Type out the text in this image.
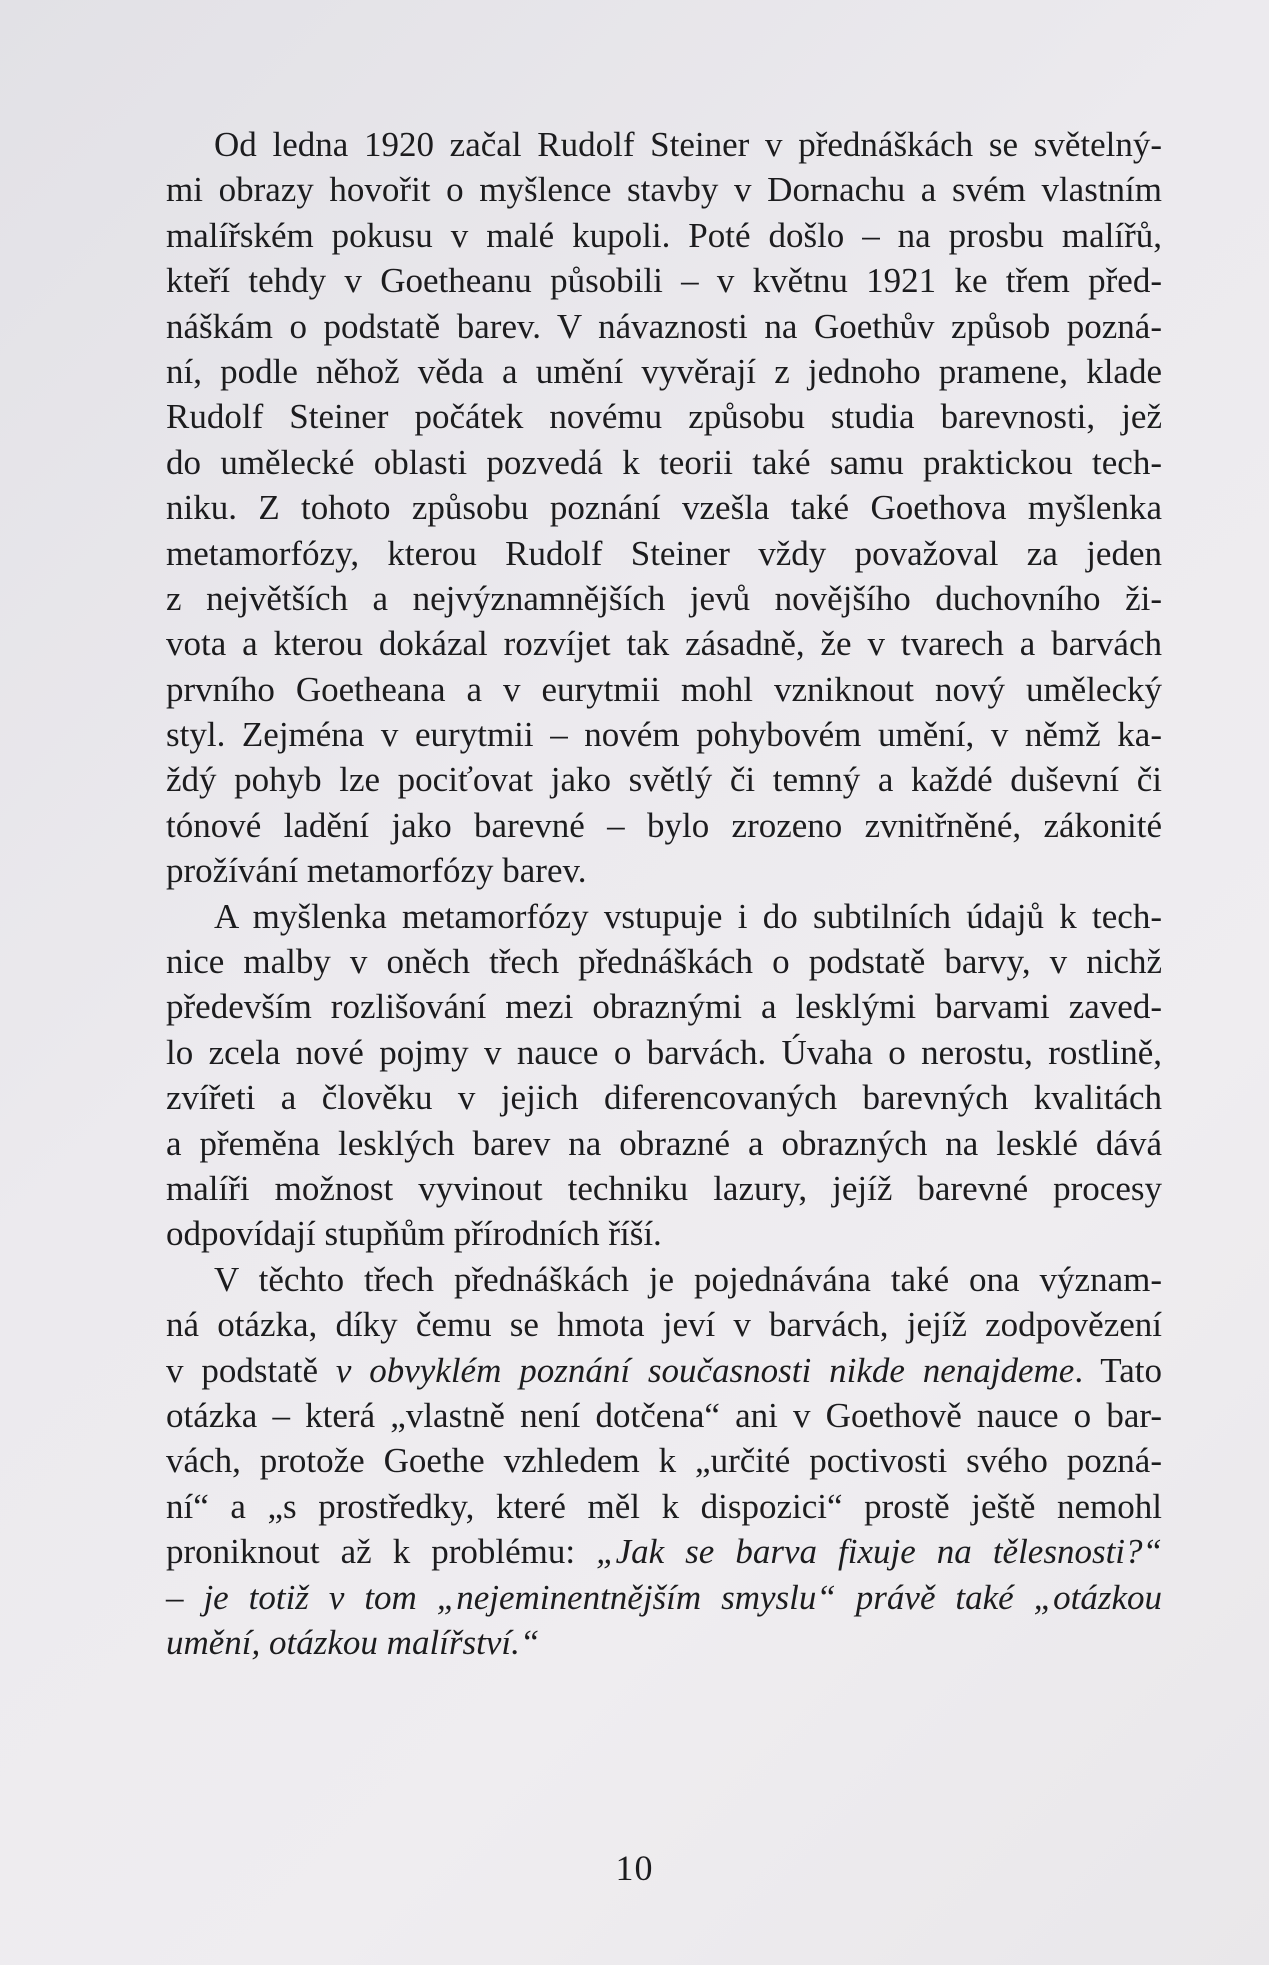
Od ledna 1920 začal Rudolf Steiner v přednáškách se světelný-
mi obrazy hovořit o myšlence stavby v Dornachu a svém vlastním
malířském pokusu v malé kupoli. Poté došlo – na prosbu malířů,
kteří tehdy v Goetheanu působili – v květnu 1921 ke třem před-
náškám o podstatě barev. V návaznosti na Goethův způsob pozná-
ní, podle něhož věda a umění vyvěrají z jednoho pramene, klade
Rudolf Steiner počátek novému způsobu studia barevnosti, jež
do umělecké oblasti pozvedá k teorii také samu praktickou tech-
niku. Z tohoto způsobu poznání vzešla také Goethova myšlenka
metamorfózy, kterou Rudolf Steiner vždy považoval za jeden
z největších a nejvýznamnějších jevů novějšího duchovního ži-
vota a kterou dokázal rozvíjet tak zásadně, že v tvarech a barvách
prvního Goetheana a v eurytmii mohl vzniknout nový umělecký
styl. Zejména v eurytmii – novém pohybovém umění, v němž ka-
ždý pohyb lze pociťovat jako světlý či temný a každé duševní či
tónové ladění jako barevné – bylo zrozeno zvnitřněné, zákonité
prožívání metamorfózy barev.
A myšlenka metamorfózy vstupuje i do subtilních údajů k tech-
nice malby v oněch třech přednáškách o podstatě barvy, v nichž
především rozlišování mezi obraznými a lesklými barvami zaved-
lo zcela nové pojmy v nauce o barvách. Úvaha o nerostu, rostlině,
zvířeti a člověku v jejich diferencovaných barevných kvalitách
a přeměna lesklých barev na obrazné a obrazných na lesklé dává
malíři možnost vyvinout techniku lazury, jejíž barevné procesy
odpovídají stupňům přírodních říší.
V těchto třech přednáškách je pojednávána také ona význam-
ná otázka, díky čemu se hmota jeví v barvách, jejíž zodpovězení
v podstatě v obvyklém poznání současnosti nikde nenajdeme. Tato
otázka – která „vlastně není dotčena“ ani v Goethově nauce o bar-
vách, protože Goethe vzhledem k „určité poctivosti svého pozná-
ní“ a „s prostředky, které měl k dispozici“ prostě ještě nemohl
proniknout až k problému: „Jak se barva fixuje na tělesnosti?“
– je totiž v tom „nejeminentnějším smyslu“ právě také „otázkou
umění, otázkou malířství.“
10
